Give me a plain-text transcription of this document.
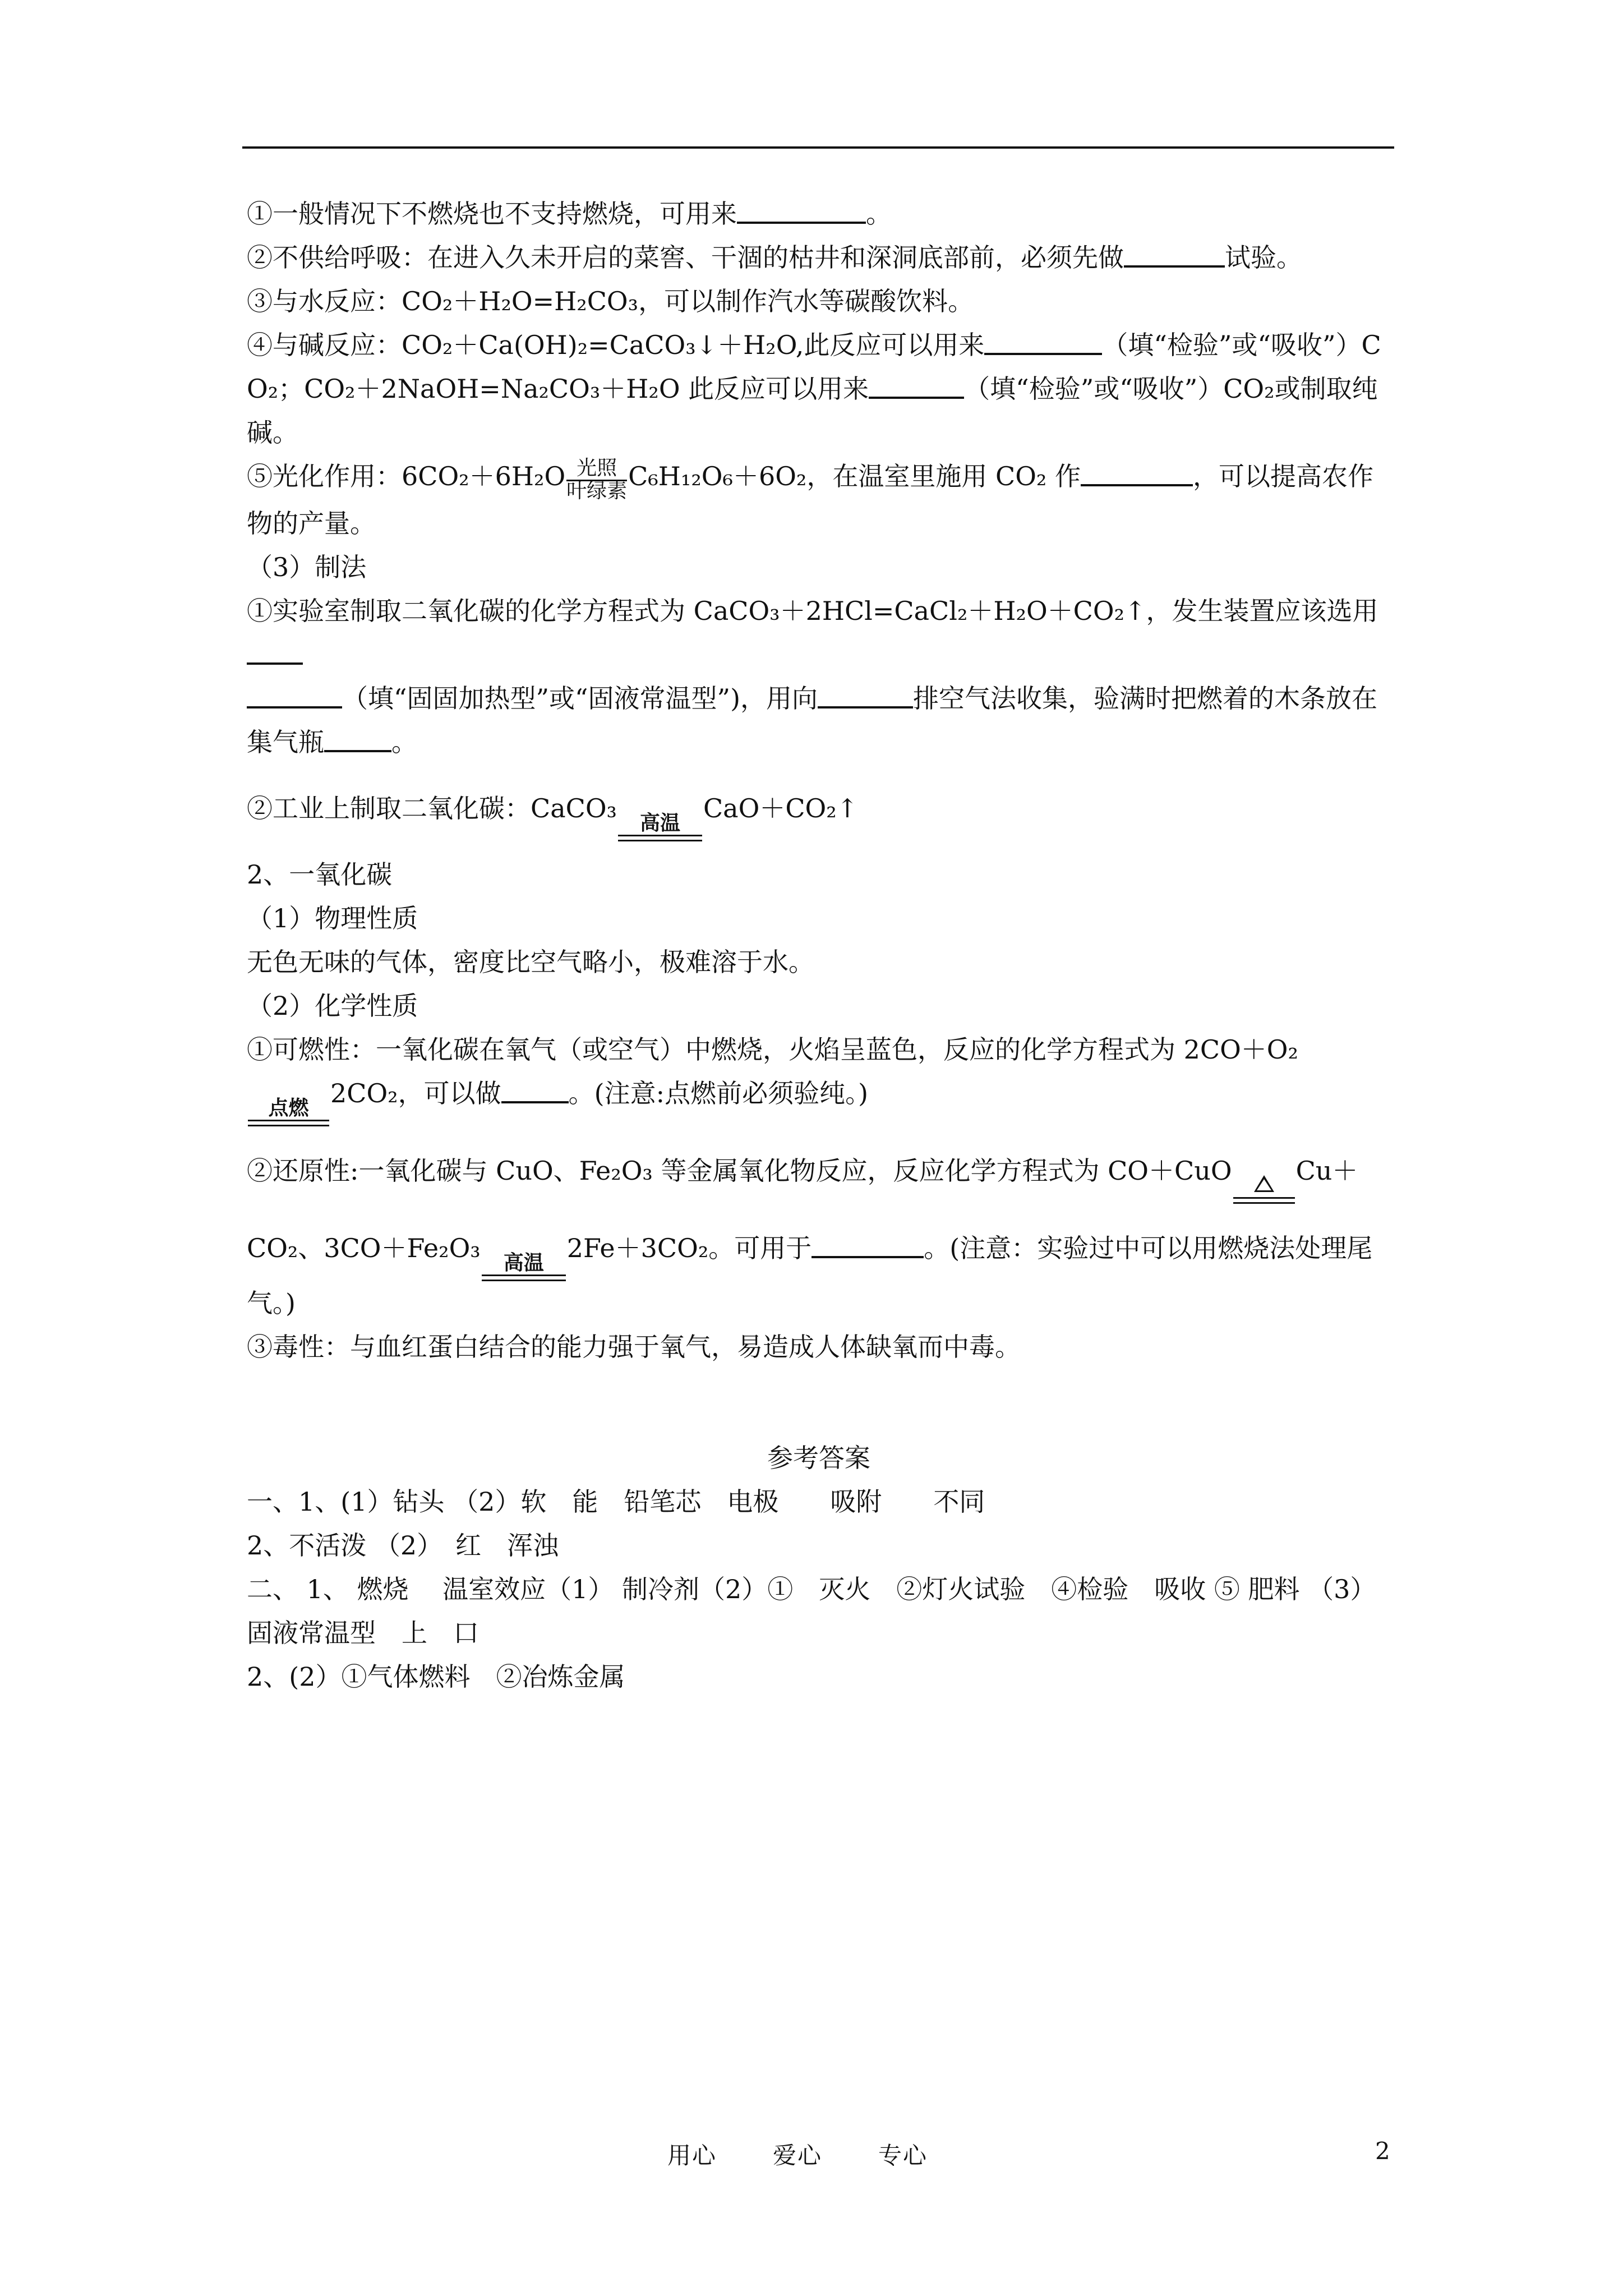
①一般情况下不燃烧也不支持燃烧，可用来	。

②不供给呼吸：在进入久未开启的菜窖、干涸的枯井和深洞底部前，必须先做	试验。

③与水反应：CO₂＋H₂O=H₂CO₃，可以制作汽水等碳酸饮料。

④与碱反应：CO₂＋Ca(OH)₂=CaCO₃↓＋H₂O,此反应可以用来	（填“检验”或“吸收”）CO₂；CO₂＋2NaOH=Na₂CO₃＋H₂O 此反应可以用来	（填“检验”或“吸收”）CO₂或制取纯碱。

⑤光化作用：6CO₂＋6H₂O 光照
叶绿素 C₆H₁₂O₆＋6O₂，在温室里施用 CO₂ 作	，可以提高农作物的产量。

（3）制法

①实验室制取二氧化碳的化学方程式为 CaCO₃＋2HCl=CaCl₂＋H₂O＋CO₂↑，发生装置应该选用
（填“固固加热型”或“固液常温型”)，用向	排空气法收集，验满时把燃着的木条放在集气瓶	。

②工业上制取二氧化碳：CaCO₃	高温 CaO＋CO₂↑

2、一氧化碳

（1）物理性质

无色无味的气体，密度比空气略小，极难溶于水。

（2）化学性质

①可燃性：一氧化碳在氧气（或空气）中燃烧，火焰呈蓝色，反应的化学方程式为 2CO＋O₂

点燃 2CO₂，可以做	。(注意:点燃前必须验纯。)

②还原性:一氧化碳与 CuO、Fe₂O₃ 等金属氧化物反应，反应化学方程式为 CO＋CuO Cu＋

CO₂、3CO＋Fe₂O₃	高温 2Fe＋3CO₂。可用于	。(注意：实验过中可以用燃烧法处理尾气。)

③毒性：与血红蛋白结合的能力强于氧气，易造成人体缺氧而中毒。

参考答案

一、1、(1）钻头 （2）软　能　铅笔芯　电极　　吸附　　不同

2、不活泼 （2）　红　浑浊

二、 1、 燃烧　 温室效应（1） 制冷剂（2）①　灭火　②灯火试验　④检验　吸收 ⑤ 肥料 （3）固液常温型　上　口

2、(2）①气体燃料　②冶炼金属

用心 爱心 专心	2
